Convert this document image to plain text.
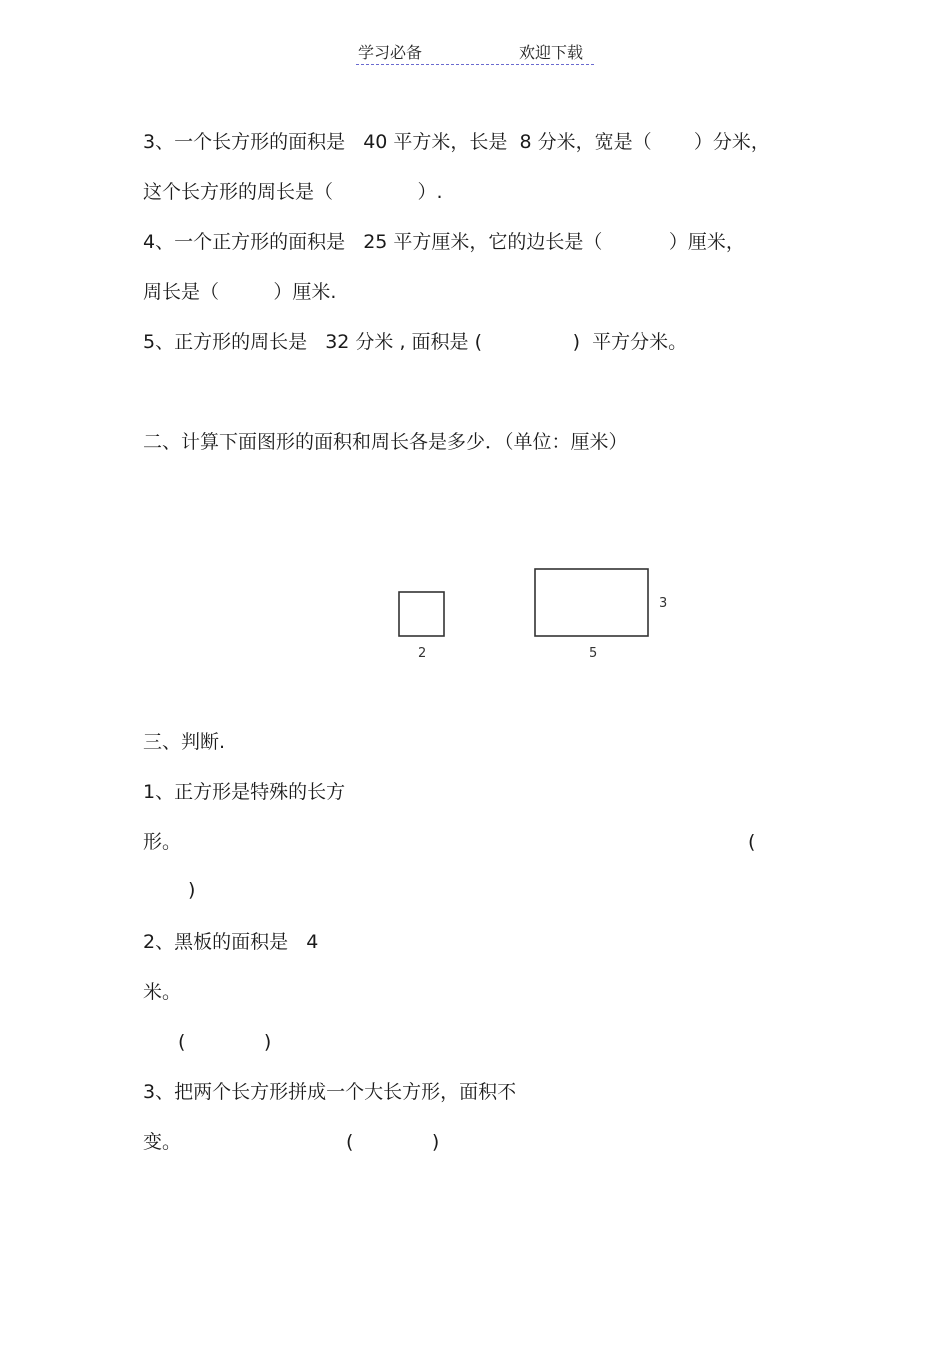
学习必备	欢迎下载
3、一个长方形的面积是   40 平方米，长是  8 分米，宽是（       ）分米，
这个长方形的周长是（              ）.
4、一个正方形的面积是   25 平方厘米，它的边长是（           ）厘米，
周长是（         ）厘米.
5、正方形的周长是   32 分米 , 面积是 (               )  平方分米。
二、计算下面图形的面积和周长各是多少．（单位：厘米）
2	5
3
三、判断.
1、正方形是特殊的长方
形。	(
)
2、黑板的面积是   4
米。
(             )
3、把两个长方形拼成一个大长方形，面积不
变。	(             )
